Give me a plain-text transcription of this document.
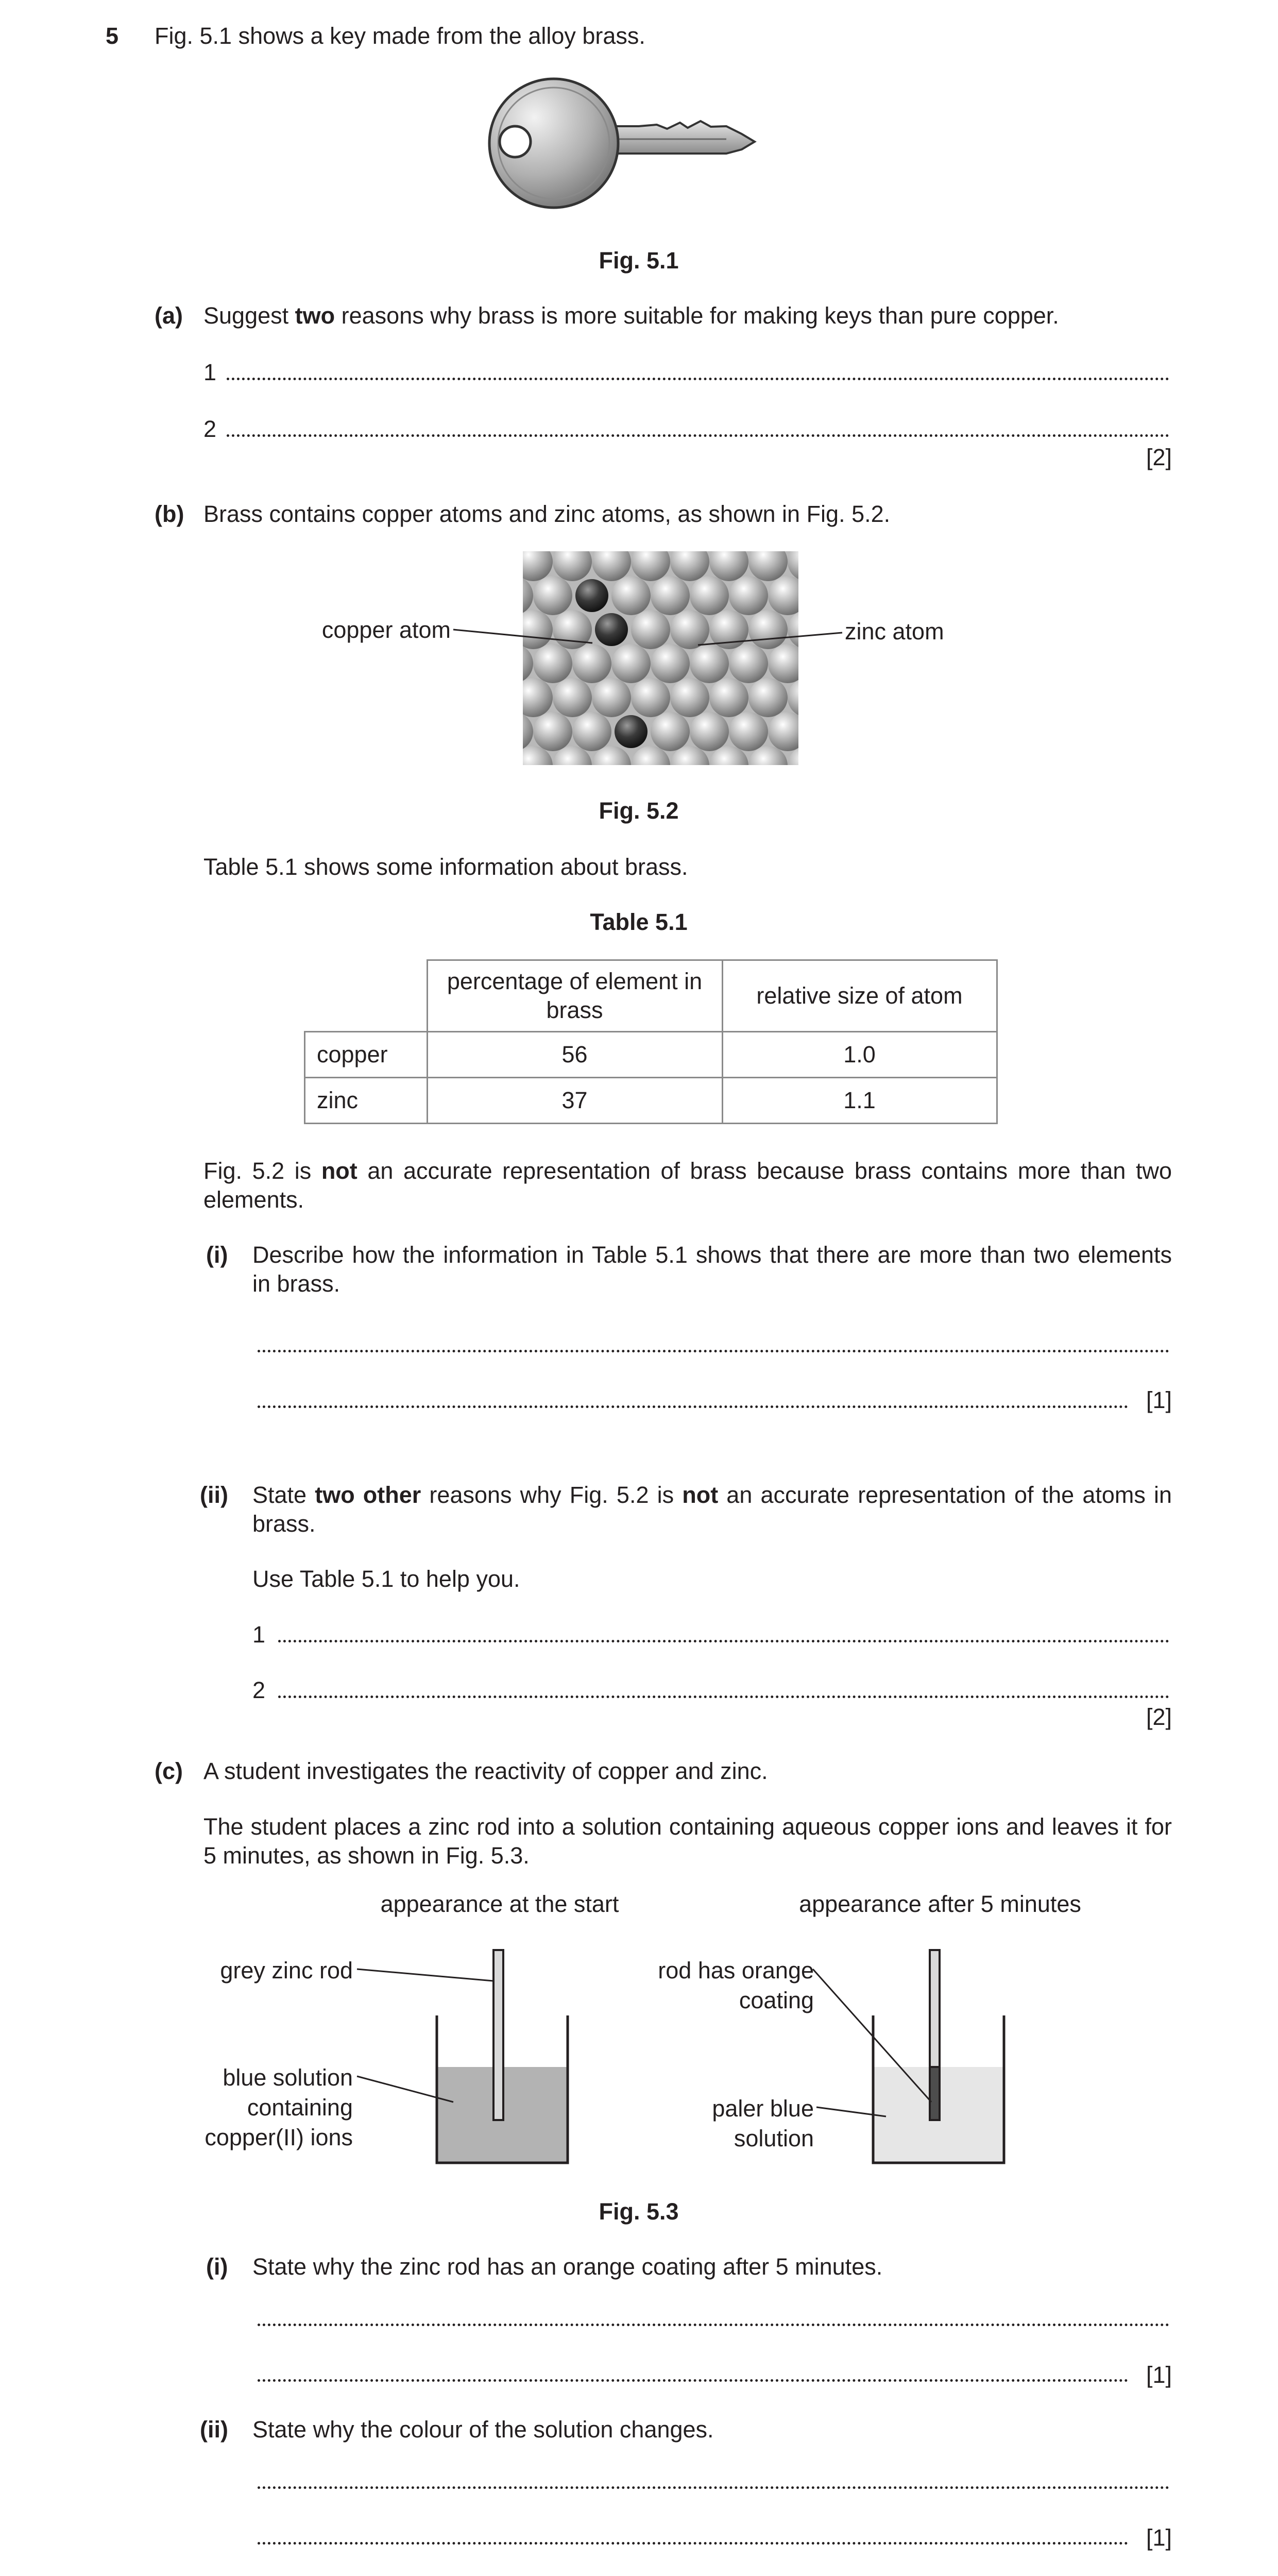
5 Fig. 5.1 shows a key made from the alloy brass.
Fig. 5.1
(a) Suggest two reasons why brass is more suitable for making keys than pure copper.
1
2
[2]
(b) Brass contains copper atoms and zinc atoms, as shown in Fig. 5.2.
copper atom	zinc atom
Fig. 5.2
Table 5.1 shows some information about brass.
Table 5.1
	percentage of element in brass	relative size of atom
copper	56	1.0
zinc	37	1.1
Fig. 5.2 is not an accurate representation of brass because brass contains more than two elements.
(i) Describe how the information in Table 5.1 shows that there are more than two elements in brass.
[1]
(ii) State two other reasons why Fig. 5.2 is not an accurate representation of the atoms in brass.
Use Table 5.1 to help you.
1
2
[2]
(c) A student investigates the reactivity of copper and zinc.
The student places a zinc rod into a solution containing aqueous copper ions and leaves it for 5 minutes, as shown in Fig. 5.3.
appearance at the start	appearance after 5 minutes
grey zinc rod
blue solution
containing
copper(II) ions
rod has orange
coating
paler blue
solution
Fig. 5.3
(i) State why the zinc rod has an orange coating after 5 minutes.
[1]
(ii) State why the colour of the solution changes.
[1]
